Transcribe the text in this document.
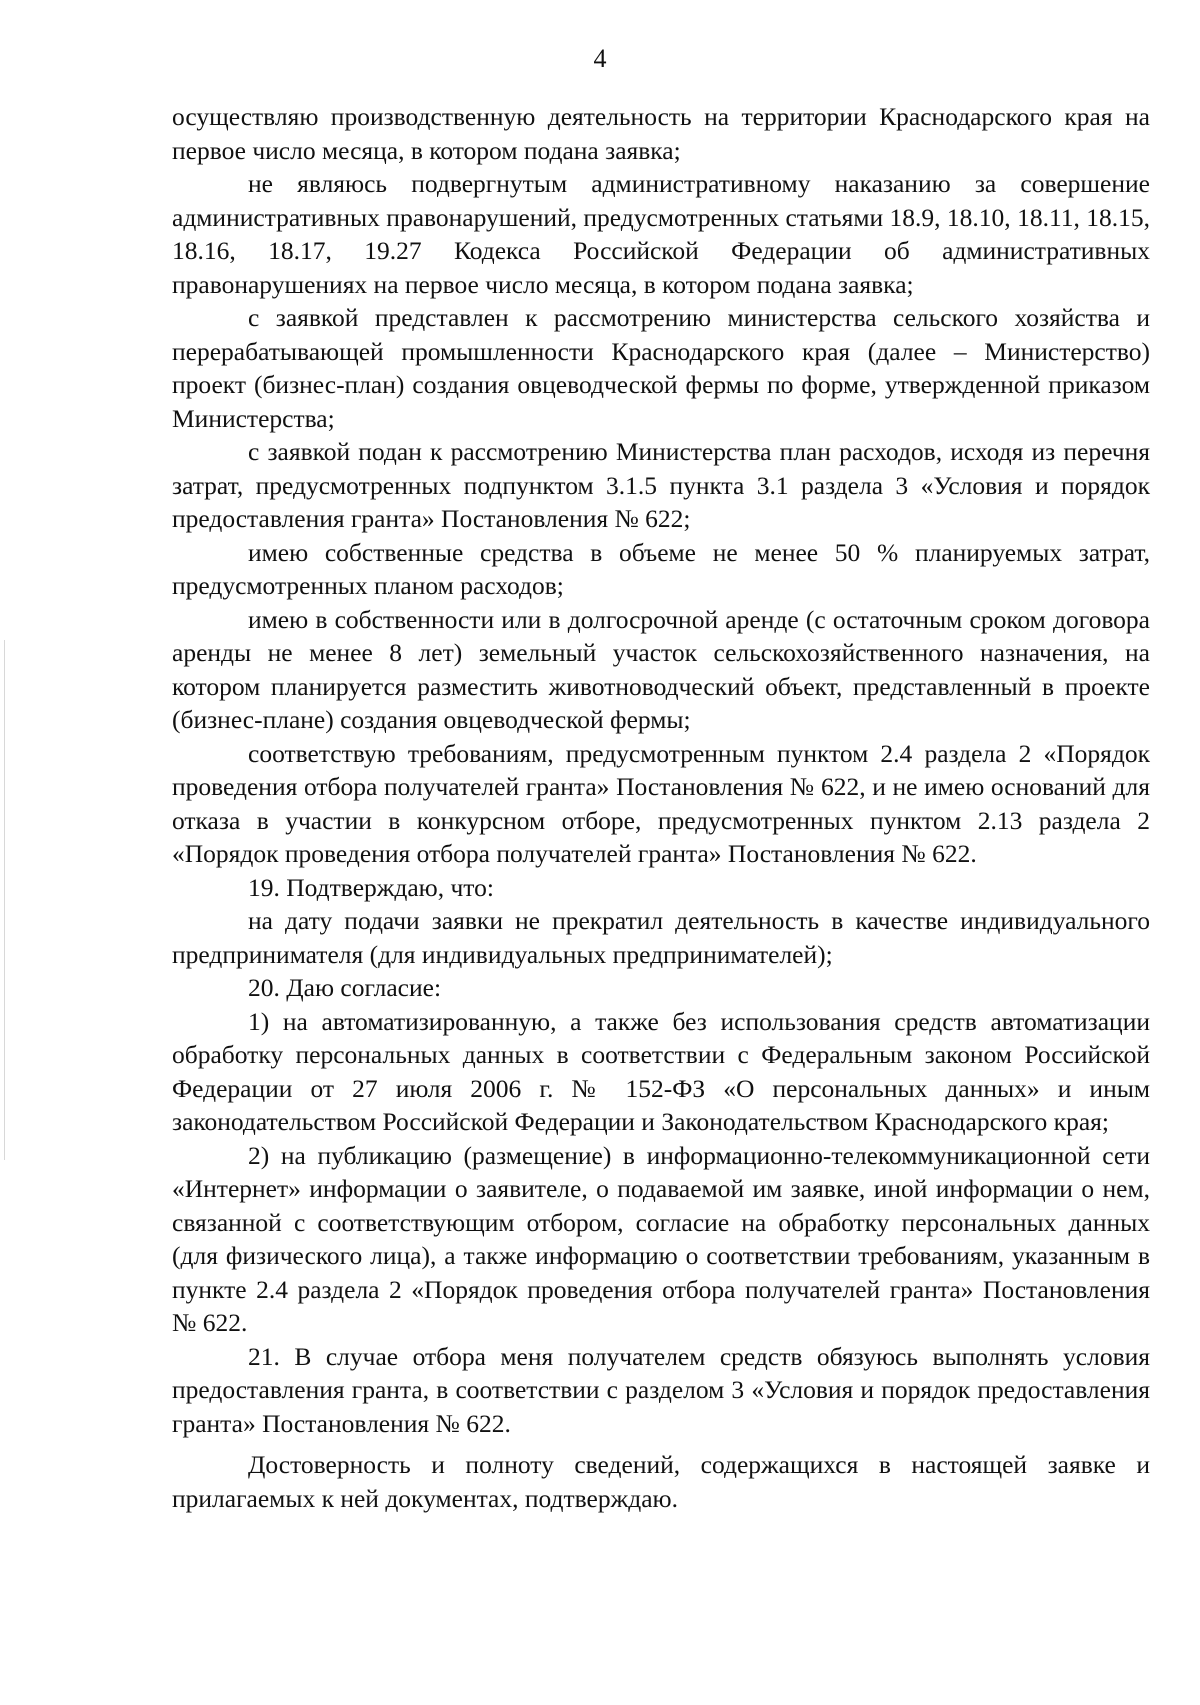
4

осуществляю производственную деятельность на территории Краснодарского края на первое число месяца, в котором подана заявка;

не являюсь подвергнутым административному наказанию за совершение административных правонарушений, предусмотренных статьями 18.9, 18.10, 18.11, 18.15, 18.16, 18.17, 19.27 Кодекса Российской Федерации об административных правонарушениях на первое число месяца, в котором подана заявка;

с заявкой представлен к рассмотрению министерства сельского хозяйства и перерабатывающей промышленности Краснодарского края (далее – Министерство) проект (бизнес-план) создания овцеводческой фермы по форме, утвержденной приказом Министерства;

с заявкой подан к рассмотрению Министерства план расходов, исходя из перечня затрат, предусмотренных подпунктом 3.1.5 пункта 3.1 раздела 3 «Условия и порядок предоставления гранта» Постановления № 622;

имею собственные средства в объеме не менее 50 % планируемых затрат, предусмотренных планом расходов;

имею в собственности или в долгосрочной аренде (с остаточным сроком договора аренды не менее 8 лет) земельный участок сельскохозяйственного назначения, на котором планируется разместить животноводческий объект, представленный в проекте (бизнес-плане) создания овцеводческой фермы;

соответствую требованиям, предусмотренным пунктом 2.4 раздела 2 «Порядок проведения отбора получателей гранта» Постановления № 622, и не имею оснований для отказа в участии в конкурсном отборе, предусмотренных пунктом 2.13 раздела 2 «Порядок проведения отбора получателей гранта» Постановления № 622.

19. Подтверждаю, что:

на дату подачи заявки не прекратил деятельность в качестве индивидуального предпринимателя (для индивидуальных предпринимателей);

20. Даю согласие:

1) на автоматизированную, а также без использования средств автоматизации обработку персональных данных в соответствии с Федеральным законом Российской Федерации от 27 июля 2006 г. № 152-ФЗ «О персональных данных» и иным законодательством Российской Федерации и Законодательством Краснодарского края;

2) на публикацию (размещение) в информационно-телекоммуникационной сети «Интернет» информации о заявителе, о подаваемой им заявке, иной информации о нем, связанной с соответствующим отбором, согласие на обработку персональных данных (для физического лица), а также информацию о соответствии требованиям, указанным в пункте 2.4 раздела 2 «Порядок проведения отбора получателей гранта» Постановления № 622.

21. В случае отбора меня получателем средств обязуюсь выполнять условия предоставления гранта, в соответствии с разделом 3 «Условия и порядок предоставления гранта» Постановления № 622.

Достоверность и полноту сведений, содержащихся в настоящей заявке и прилагаемых к ней документах, подтверждаю.
